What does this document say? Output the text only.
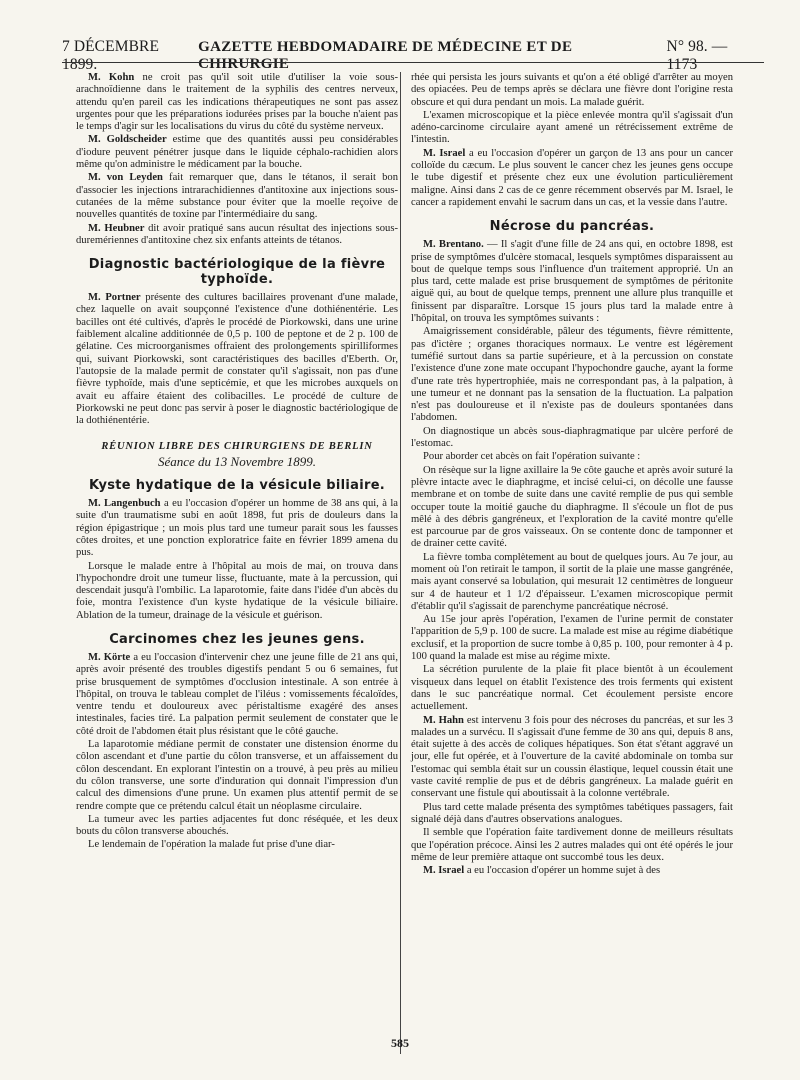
7 DÉCEMBRE 1899.
GAZETTE HEBDOMADAIRE DE MÉDECINE ET DE CHIRURGIE
N° 98. — 1173

M. Kohn ne croit pas qu'il soit utile d'utiliser la voie sous-arachnoïdienne dans le traitement de la syphilis des centres nerveux, attendu qu'en pareil cas les indications thérapeutiques ne sont pas assez urgentes pour que les préparations iodurées prises par la bouche n'aient pas le temps d'agir sur les localisations du virus du côté du système nerveux.

M. Goldscheider estime que des quantités aussi peu considérables d'iodure peuvent pénétrer jusque dans le liquide céphalo-rachidien alors même qu'on administre le médicament par la bouche.

M. von Leyden fait remarquer que, dans le tétanos, il serait bon d'associer les injections intrarachidiennes d'antitoxine aux injections sous-cutanées de la même substance pour éviter que la moelle reçoive de nouvelles quantités de toxine par l'intermédiaire du sang.

M. Heubner dit avoir pratiqué sans aucun résultat des injections sous-duremériennes d'antitoxine chez six enfants atteints de tétanos.

Diagnostic bactériologique de la fièvre typhoïde.

M. Portner présente des cultures bacillaires provenant d'une malade, chez laquelle on avait soupçonné l'existence d'une dothiénentérie. Les bacilles ont été cultivés, d'après le procédé de Piorkowski, dans une urine faiblement alcaline additionnée de 0,5 p. 100 de peptone et de 2 p. 100 de gélatine. Ces microorganismes offraient des prolongements spirilliformes qui, suivant Piorkowski, sont caractéristiques des bacilles d'Eberth. Or, l'autopsie de la malade permit de constater qu'il s'agissait, non pas d'une fièvre typhoïde, mais d'une septicémie, et que les microbes auxquels on avait eu affaire étaient des colibacilles. Le procédé de culture de Piorkowski ne peut donc pas servir à poser le diagnostic bactériologique de la dothiénentérie.

RÉUNION LIBRE DES CHIRURGIENS DE BERLIN
Séance du 13 Novembre 1899.
Kyste hydatique de la vésicule biliaire.

M. Langenbuch a eu l'occasion d'opérer un homme de 38 ans qui, à la suite d'un traumatisme subi en août 1898, fut pris de douleurs dans la région épigastrique ; un mois plus tard une tumeur parait sous les fausses côtes droites, et une ponction exploratrice faite en février 1899 amena du pus.

Lorsque le malade entre à l'hôpital au mois de mai, on trouva dans l'hypochondre droit une tumeur lisse, fluctuante, mate à la percussion, qui descendait jusqu'à l'ombilic. La laparotomie, faite dans l'idée d'un abcès du foie, montra l'existence d'un kyste hydatique de la vésicule biliaire. Ablation de la tumeur, drainage de la vésicule et guérison.

Carcinomes chez les jeunes gens.

M. Körte a eu l'occasion d'intervenir chez une jeune fille de 21 ans qui, après avoir présenté des troubles digestifs pendant 5 ou 6 semaines, fut prise brusquement de symptômes d'occlusion intestinale. A son entrée à l'hôpital, on trouva le tableau complet de l'iléus : vomissements fécaloïdes, ventre tendu et douloureux avec péristaltisme exagéré des anses intestinales, facies tiré. La palpation permit seulement de constater que le côté droit de l'abdomen était plus résistant que le côté gauche.

La laparotomie médiane permit de constater une distension énorme du côlon ascendant et d'une partie du côlon transverse, et un affaissement du côlon descendant. En explorant l'intestin on a trouvé, à peu près au milieu du côlon transverse, une sorte d'induration qui donnait l'impression d'un calcul des dimensions d'une prune. Un examen plus attentif permit de se rendre compte que ce prétendu calcul était un néoplasme circulaire.

La tumeur avec les parties adjacentes fut donc réséquée, et les deux bouts du côlon transverse abouchés.

Le lendemain de l'opération la malade fut prise d'une diar-

rhée qui persista les jours suivants et qu'on a été obligé d'arrêter au moyen des opiacées. Peu de temps après se déclara une fièvre dont l'origine resta obscure et qui dura pendant un mois. La malade guérit.

L'examen microscopique et la pièce enlevée montra qu'il s'agissait d'un adéno-carcinome circulaire ayant amené un rétrécissement extrême de l'intestin.

M. Israel a eu l'occasion d'opérer un garçon de 13 ans pour un cancer colloïde du cæcum. Le plus souvent le cancer chez les jeunes gens occupe le tube digestif et présente chez eux une évolution particulièrement maligne. Ainsi dans 2 cas de ce genre récemment observés par M. Israel, le cancer a rapidement envahi le sacrum dans un cas, et la vessie dans l'autre.

Nécrose du pancréas.

M. Brentano. — Il s'agit d'une fille de 24 ans qui, en octobre 1898, est prise de symptômes d'ulcère stomacal, lesquels symptômes disparaissent au bout de quelque temps sous l'influence d'un traitement approprié. Un an plus tard, cette malade est prise brusquement de symptômes de péritonite aiguë qui, au bout de quelque temps, prennent une allure plus tranquille et finissent par disparaître. Lorsque 15 jours plus tard la malade entre à l'hôpital, on trouva les symptômes suivants :

Amaigrissement considérable, pâleur des téguments, fièvre rémittente, pas d'ictère ; organes thoraciques normaux. Le ventre est légèrement tuméfié surtout dans sa partie supérieure, et à la percussion on constate l'existence d'une zone mate occupant l'hypochondre gauche, ayant la forme d'une rate très hypertrophiée, mais ne correspondant pas, à la palpation, à une tumeur et ne donnant pas la sensation de la fluctuation. La palpation n'est pas douloureuse et il n'existe pas de douleurs spontanées dans l'abdomen.

On diagnostique un abcès sous-diaphragmatique par ulcère perforé de l'estomac.

Pour aborder cet abcès on fait l'opération suivante :

On résèque sur la ligne axillaire la 9e côte gauche et après avoir suturé la plèvre intacte avec le diaphragme, et incisé celui-ci, on décolle une fausse membrane et on tombe de suite dans une cavité remplie de pus qui semble occuper toute la moitié gauche du diaphragme. Il s'écoule un flot de pus mêlé à des débris gangréneux, et l'exploration de la cavité montre qu'elle est parcourue par de gros vaisseaux. On se contente donc de tamponner et de drainer cette cavité.

La fièvre tomba complètement au bout de quelques jours. Au 7e jour, au moment où l'on retirait le tampon, il sortit de la plaie une masse gangrénée, mais ayant conservé sa lobulation, qui mesurait 12 centimètres de longueur sur 4 de hauteur et 1 1/2 d'épaisseur. L'examen microscopique permit d'établir qu'il s'agissait de parenchyme pancréatique nécrosé.

Au 15e jour après l'opération, l'examen de l'urine permit de constater l'apparition de 5,9 p. 100 de sucre. La malade est mise au régime diabétique exclusif, et la proportion de sucre tombe à 0,85 p. 100, pour remonter à 4 p. 100 quand la malade est mise au régime mixte.

La sécrétion purulente de la plaie fit place bientôt à un écoulement visqueux dans lequel on établit l'existence des trois ferments qui existent dans le suc pancréatique normal. Cet écoulement persiste encore actuellement.

M. Hahn est intervenu 3 fois pour des nécroses du pancréas, et sur les 3 malades un a survécu. Il s'agissait d'une femme de 30 ans qui, depuis 8 ans, était sujette à des accès de coliques hépatiques. Son état s'étant aggravé un jour, elle fut opérée, et à l'ouverture de la cavité abdominale on tomba sur l'estomac qui sembla était sur un coussin élastique, lequel coussin était une vaste cavité remplie de pus et de débris gangréneux. La malade guérit en conservant une fistule qui aboutissait à la colonne vertébrale.

Plus tard cette malade présenta des symptômes tabétiques passagers, fait signalé déjà dans d'autres observations analogues.

Il semble que l'opération faite tardivement donne de meilleurs résultats que l'opération précoce. Ainsi les 2 autres malades qui ont été opérés le jour même de leur première attaque ont succombé tous les deux.

M. Israel a eu l'occasion d'opérer un homme sujet à des

585
